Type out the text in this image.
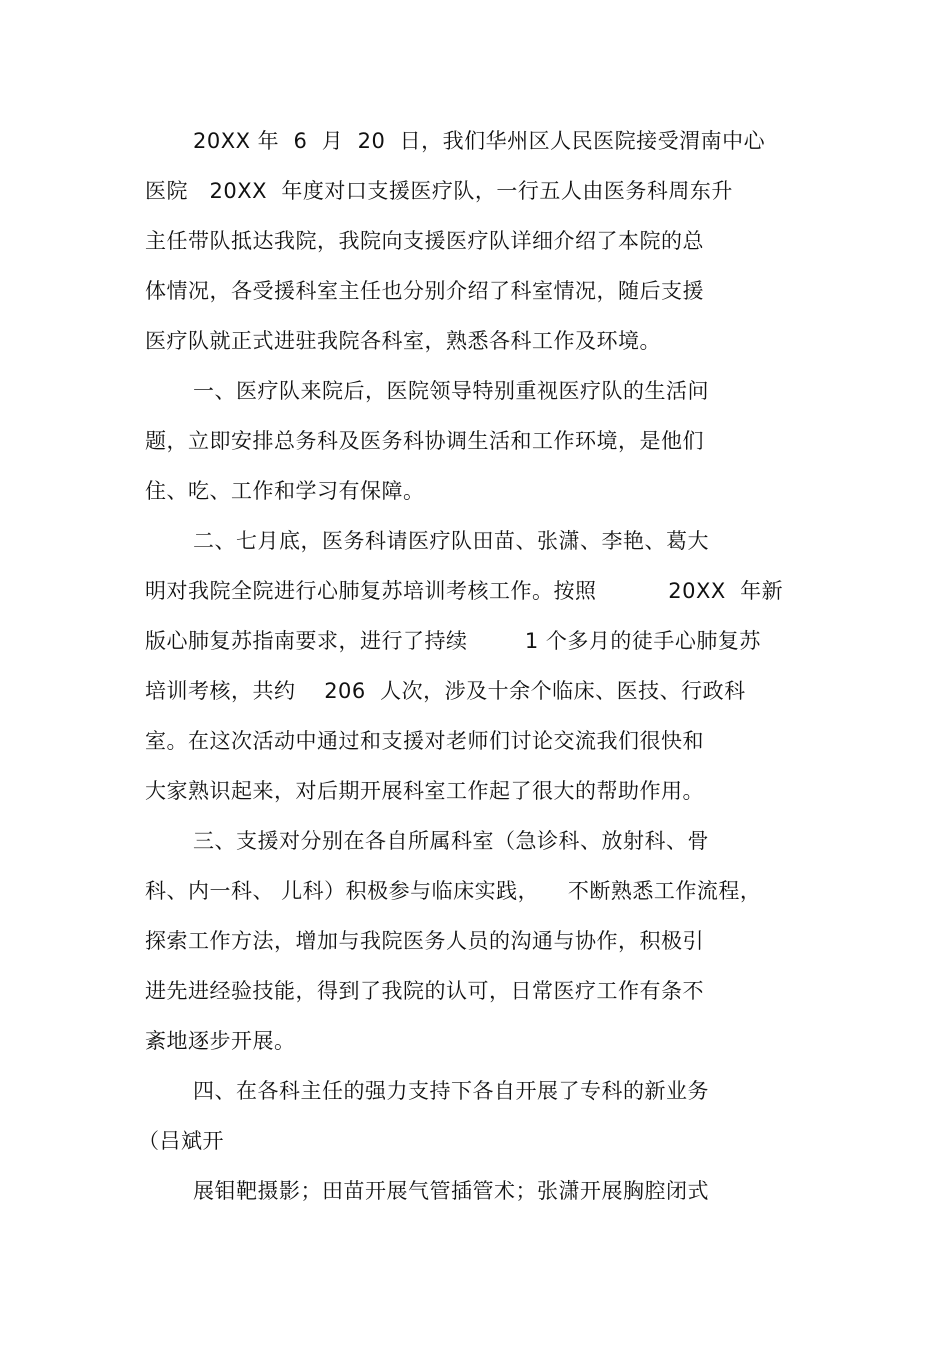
20XX 年  6  月  20  日，我们华州区人民医院接受渭南中心
医院   20XX  年度对口支援医疗队，一行五人由医务科周东升
主任带队抵达我院，我院向支援医疗队详细介绍了本院的总
体情况，各受援科室主任也分别介绍了科室情况，随后支援
医疗队就正式进驻我院各科室，熟悉各科工作及环境。
一、医疗队来院后，医院领导特别重视医疗队的生活问
题，立即安排总务科及医务科协调生活和工作环境，是他们
住、吃、工作和学习有保障。
二、七月底，医务科请医疗队田苗、张潇、李艳、葛大
明对我院全院进行心肺复苏培训考核工作。按照          20XX  年新
版心肺复苏指南要求，进行了持续        1 个多月的徒手心肺复苏
培训考核，共约    206  人次，涉及十余个临床、医技、行政科
室。在这次活动中通过和支援对老师们讨论交流我们很快和
大家熟识起来，对后期开展科室工作起了很大的帮助作用。
三、支援对分别在各自所属科室（急诊科、放射科、骨
科、内一科、 儿科）积极参与临床实践，    不断熟悉工作流程，
探索工作方法，增加与我院医务人员的沟通与协作，积极引
进先进经验技能，得到了我院的认可，日常医疗工作有条不
紊地逐步开展。
四、在各科主任的强力支持下各自开展了专科的新业务
（吕斌开
展钼靶摄影；田苗开展气管插管术；张潇开展胸腔闭式
